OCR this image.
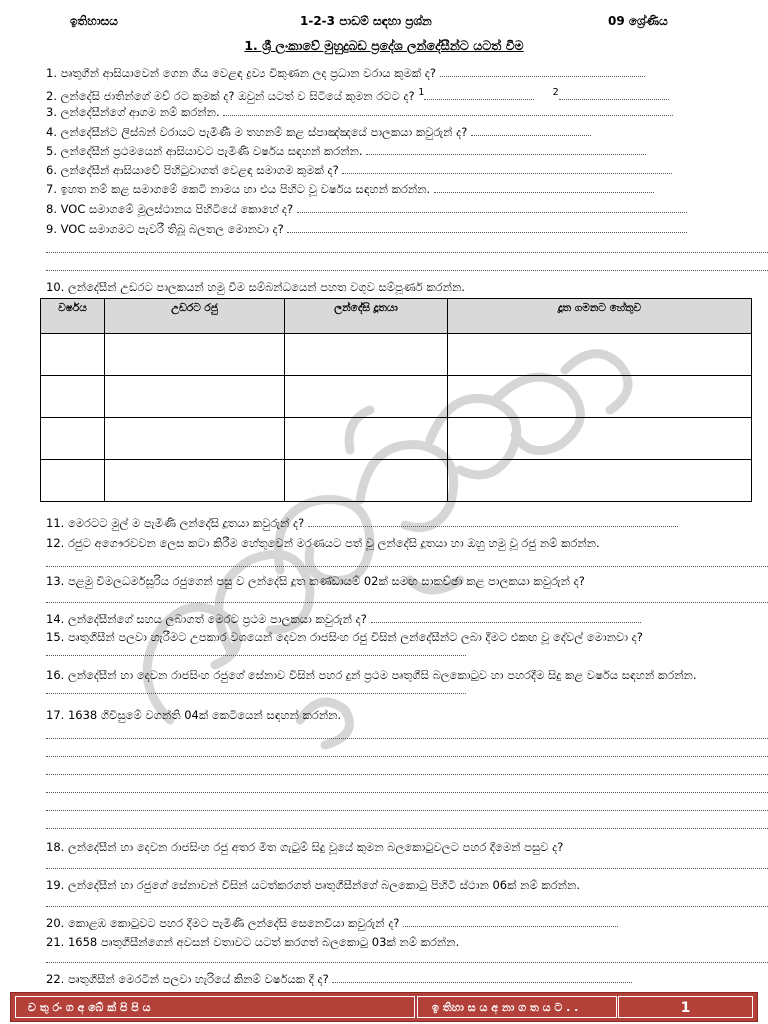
ඉතිහාසය	1-2-3 පාඩම් සඳහා ප්‍රශ්න	09 ශ්‍රේණිය
1. ශ්‍රී ලංකාවේ මුහුදුබඩ ප්‍රදේශ ලන්දේසීන්ට යටත් වීම
1. පෘතුගීන් ආසියාවෙන් ගෙන ගිය වෙළඳ ද්‍රව්‍ය විකුණන ලද ප්‍රධාන වරාය කුමක් ද?
2. ලන්දේසි ජාතින්ගේ මව් රට කුමක් ද? ඔවුන් යටත් ව සිටියේ කුමන රටට ද? $^1$	$^2$
3. ලන්දේසීන්ගේ ආගම නම් කරන්න.
4. ලන්දේසීන්ට ලිස්බන් වරායට පැමිණී ම තහනම් කළ ස්පාඤ්ඤයේ පාලකයා කවුරුන් ද?
5. ලන්දේසීන් ප්‍රථමයෙන් ආසියාවට පැමිණි වර්ෂය සඳහන් කරන්න.
6. ලන්දේසීන් ආසියාවේ පිහිටුවාගත් වෙළඳ සමාගම කුමක් ද?
7. ඉහත නම් කළ සමාගමේ කෙටි නාමය හා එය පිහිට වූ වර්ෂය සඳහන් කරන්න.
8. VOC සමාගමේ මූලස්ථානය පිහිටියේ කොහේ ද?
9. VOC සමාගමට පැවරී තිබූ බලතල මොනවා ද?
10. ලන්දේසීන් උඩරට පාලකයන් හමු වීම සම්බන්ධයෙන් පහත වගුව සම්පූර්ණ කරන්න.
වර්ෂය	උඩරට රජු	ලන්දේසි දූතයා	දූත ගමනට හේතුව

11. මෙරටට මුල් ම පැමිණි ලන්දේසි දූතයා කවුරුන් ද?
12. රජුට අගෞරවවන ලෙස කටා කිරීම හේතුවෙන් මරණයට පත් වූ ලන්දේසි දූතයා හා ඔහු හමු වූ රජු නම් කරන්න.
13. පළමු විමලධර්මසූරිය රජුගෙන් පසු ව ලන්දේසි දූත කණ්ඩායම් 02ක් සමඟ සාකච්ඡා කළ පාලකයා කවුරුන් ද?
14. ලන්දේසීන්ගේ සහය ලබාගත් මෙරට ප්‍රථම පාලකයා කවුරුන් ද?
15. පෘතුගීසීන් පලවා හැරීමට උපකාර වශයෙන් දෙවන රාජසිංහ රජු විසින් ලන්දේසීන්ට ලබා දීමට එකඟ වූ දේවල් මොනවා ද?
16. ලන්දේසීන් හා දෙවන රාජසිංහ රජුගේ සේනාව විසින් පහර දුන් ප්‍රථම පෘතුගීසි බලකොටුව හා පහරදීම සිදු කළ වර්ෂය සඳහන් කරන්න.
17. 1638 ගිවිසුමේ වගන්ති 04ක් කෙටියෙන් සඳහන් කරන්න.
18. ලන්දේසීන් හා දෙවන රාජසිංහ රජු අතර මිත ගැටුම් සිදු වූයේ කුමන බලකොටුවලට පහර දීමෙන් පසුව ද?
19. ලන්දේසීන් හා රජුගේ සේනාවන් විසින් යටත්කරගත් පෘතුගීසීන්ගේ බලකොටු පිහිටි ස්ථාන 06ක් නම් කරන්න.
20. කොළඹ කොටුවට පහර දීමට පැමිණි ලන්දේසි සෙනෙවියා කවුරුන් ද?
21. 1658 පෘතුගීසීන්ගෙන් අවසන් වතාවට යටත් කරගත් බලකොටු 03ක් නම් කරන්න.
22. පෘතුගීසීන් මෙරටින් පලවා හැරියේ කිනම් වර්ෂයක දී ද?
ච තු රං ග අ බේ ක් පි පි ය	ඉ තිහා ස ය අ නා ග ත ය ට . .	1
